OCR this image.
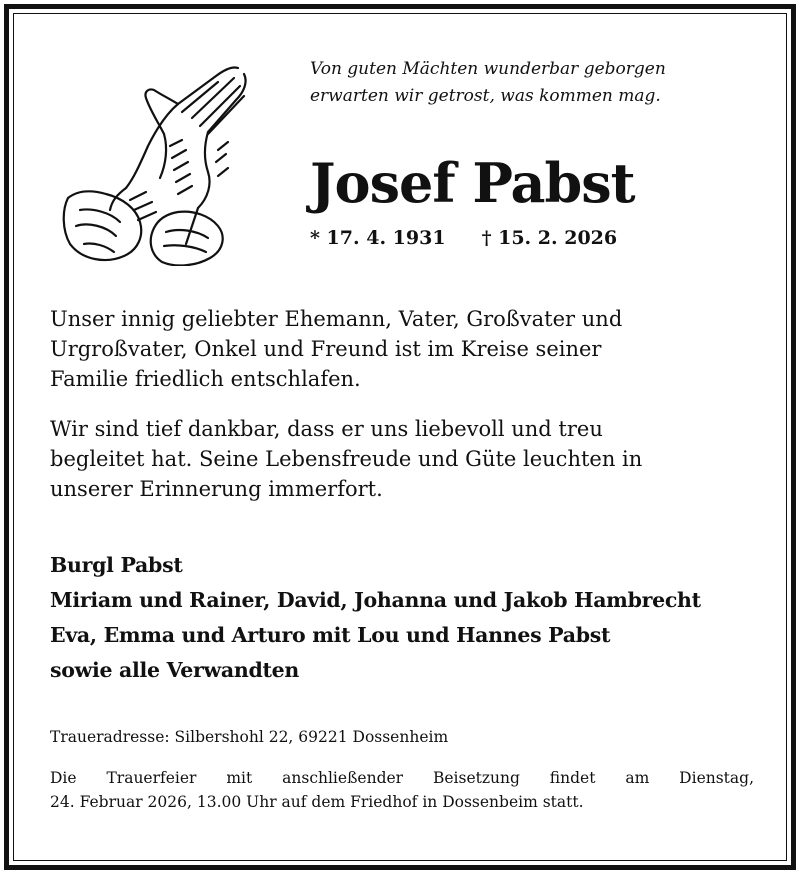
Von guten Mächten wunderbar geborgen
erwarten wir getrost, was kommen mag.
Josef Pabst
* 17. 4. 1931 † 15. 2. 2026
Unser innig geliebter Ehemann, Vater, Großvater und
Urgroßvater, Onkel und Freund ist im Kreise seiner
Familie friedlich entschlafen.
Wir sind tief dankbar, dass er uns liebevoll und treu
begleitet hat. Seine Lebensfreude und Güte leuchten in
unserer Erinnerung immerfort.
Burgl Pabst
Miriam und Rainer, David, Johanna und Jakob Hambrecht
Eva, Emma und Arturo mit Lou und Hannes Pabst
sowie alle Verwandten
Traueradresse: Silbershohl 22, 69221 Dossenheim
Die Trauerfeier mit anschließender Beisetzung findet am Dienstag,
24. Februar 2026, 13.00 Uhr auf dem Friedhof in Dossenbeim statt.
